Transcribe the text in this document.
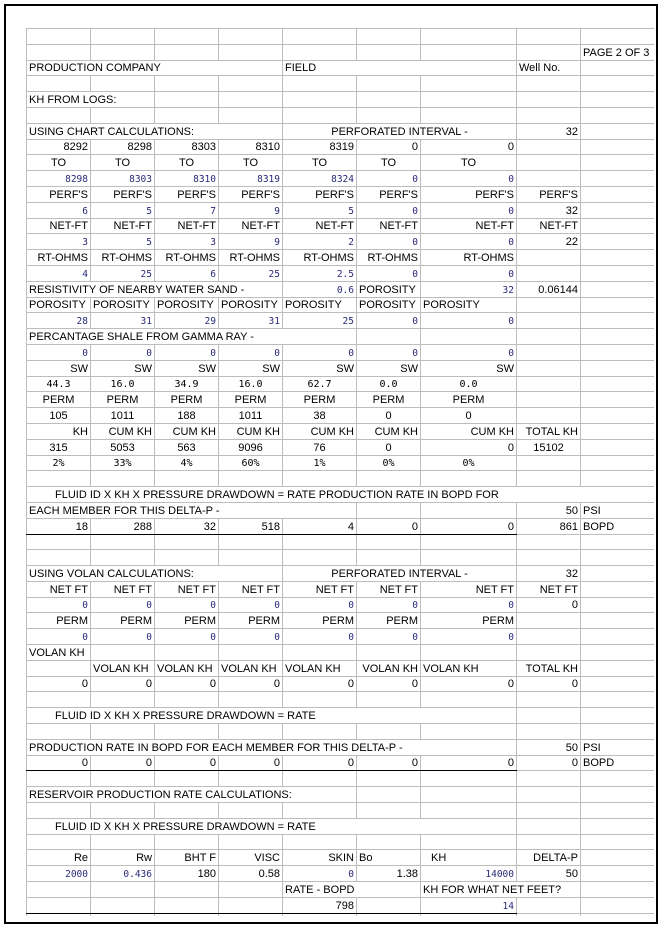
								PAGE 2 OF 3
PRODUCTION COMPANY				FIELD			Well No.	

KH FROM LOGS:								

USING CHART CALCULATIONS:				PERFORATED INTERVAL -			32	
8292	8298	8303	8310	8319	0	0		
TO	TO	TO	TO	TO	TO	TO		
8298	8303	8310	8319	8324	0	0		
PERF'S	PERF'S	PERF'S	PERF'S	PERF'S	PERF'S	PERF'S	PERF'S	
6	5	7	9	5	0	0	32	
NET-FT	NET-FT	NET-FT	NET-FT	NET-FT	NET-FT	NET-FT	NET-FT	
3	5	3	9	2	0	0	22	
RT-OHMS	RT-OHMS	RT-OHMS	RT-OHMS	RT-OHMS	RT-OHMS	RT-OHMS		
4	25	6	25	2.5	0	0		
RESISTIVITY OF NEARBY WATER SAND -				0.6	POROSITY	32	0.06144	
POROSITY	POROSITY	POROSITY	POROSITY	POROSITY	POROSITY	POROSITY		
28	31	29	31	25	0	0		
PERCANTAGE SHALE FROM GAMMA RAY -								
0	0	0	0	0	0	0		
SW	SW	SW	SW	SW	SW	SW		
44.3	16.0	34.9	16.0	62.7	0.0	0.0		
PERM	PERM	PERM	PERM	PERM	PERM	PERM		
105	1011	188	1011	38	0	0		
KH	CUM KH	CUM KH	CUM KH	CUM KH	CUM KH	CUM KH	TOTAL KH	
315	5053	563	9096	76	0	0	15102	
2%	33%	4%	60%	1%	0%	0%		

FLUID ID X KH X PRESSURE DRAWDOWN = RATE PRODUCTION RATE IN BOPD FOR								
EACH MEMBER FOR THIS DELTA-P -							50	PSI
18	288	32	518	4	0	0	861	BOPD

USING VOLAN CALCULATIONS:				PERFORATED INTERVAL -			32	
NET FT	NET FT	NET FT	NET FT	NET FT	NET FT	NET FT	NET FT	
0	0	0	0	0	0	0	0	
PERM	PERM	PERM	PERM	PERM	PERM	PERM		
0	0	0	0	0	0	0		
VOLAN KH								
	VOLAN KH	VOLAN KH	VOLAN KH	VOLAN KH	VOLAN KH	VOLAN KH	TOTAL KH	
0	0	0	0	0	0	0	0	

FLUID ID X KH X PRESSURE DRAWDOWN = RATE								

PRODUCTION RATE IN BOPD FOR EACH MEMBER FOR THIS DELTA-P -							50	PSI
0	0	0	0	0	0	0	0	BOPD

RESERVOIR PRODUCTION RATE CALCULATIONS:								

FLUID ID X KH X PRESSURE DRAWDOWN = RATE								

Re	Rw	BHT F	VISC	SKIN	Bo	KH	DELTA-P	
2000	0.436	180	0.58	0	1.38	14000	50	
				RATE - BOPD		KH FOR WHAT NET FEET?		
				798		14		
